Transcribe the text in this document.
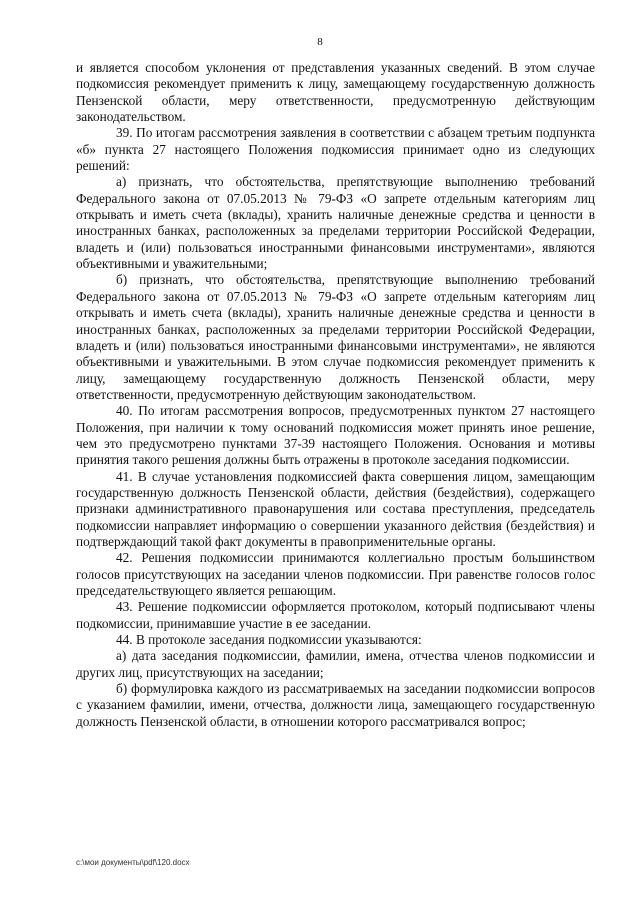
8

и является способом уклонения от представления указанных сведений. В этом случае подкомиссия рекомендует применить к лицу, замещающему государственную должность Пензенской области, меру ответственности, предусмотренную действующим законодательством.

39. По итогам рассмотрения заявления в соответствии с абзацем третьим подпункта «б» пункта 27 настоящего Положения подкомиссия принимает одно из следующих решений:

а) признать, что обстоятельства, препятствующие выполнению требований Федерального закона от 07.05.2013 № 79-ФЗ «О запрете отдельным категориям лиц открывать и иметь счета (вклады), хранить наличные денежные средства и ценности в иностранных банках, расположенных за пределами территории Российской Федерации, владеть и (или) пользоваться иностранными финансовыми инструментами», являются объективными и уважительными;

б) признать, что обстоятельства, препятствующие выполнению требований Федерального закона от 07.05.2013 № 79-ФЗ «О запрете отдельным категориям лиц открывать и иметь счета (вклады), хранить наличные денежные средства и ценности в иностранных банках, расположенных за пределами территории Российской Федерации, владеть и (или) пользоваться иностранными финансовыми инструментами», не являются объективными и уважительными. В этом случае подкомиссия рекомендует применить к лицу, замещающему государственную должность Пензенской области, меру ответственности, предусмотренную действующим законодательством.

40. По итогам рассмотрения вопросов, предусмотренных пунктом 27 настоящего Положения, при наличии к тому оснований подкомиссия может принять иное решение, чем это предусмотрено пунктами 37-39 настоящего Положения. Основания и мотивы принятия такого решения должны быть отражены в протоколе заседания подкомиссии.

41. В случае установления подкомиссией факта совершения лицом, замещающим государственную должность Пензенской области, действия (бездействия), содержащего признаки административного правонарушения или состава преступления, председатель подкомиссии направляет информацию о совершении указанного действия (бездействия) и подтверждающий такой факт документы в правоприменительные органы.

42. Решения подкомиссии принимаются коллегиально простым большинством голосов присутствующих на заседании членов подкомиссии. При равенстве голосов голос председательствующего является решающим.

43. Решение подкомиссии оформляется протоколом, который подписывают члены подкомиссии, принимавшие участие в ее заседании.

44. В протоколе заседания подкомиссии указываются:

а) дата заседания подкомиссии, фамилии, имена, отчества членов подкомиссии и других лиц, присутствующих на заседании;

б) формулировка каждого из рассматриваемых на заседании подкомиссии вопросов с указанием фамилии, имени, отчества, должности лица, замещающего государственную должность Пензенской области, в отношении которого рассматривался вопрос;

c:\мои документы\pdf\120.docx
